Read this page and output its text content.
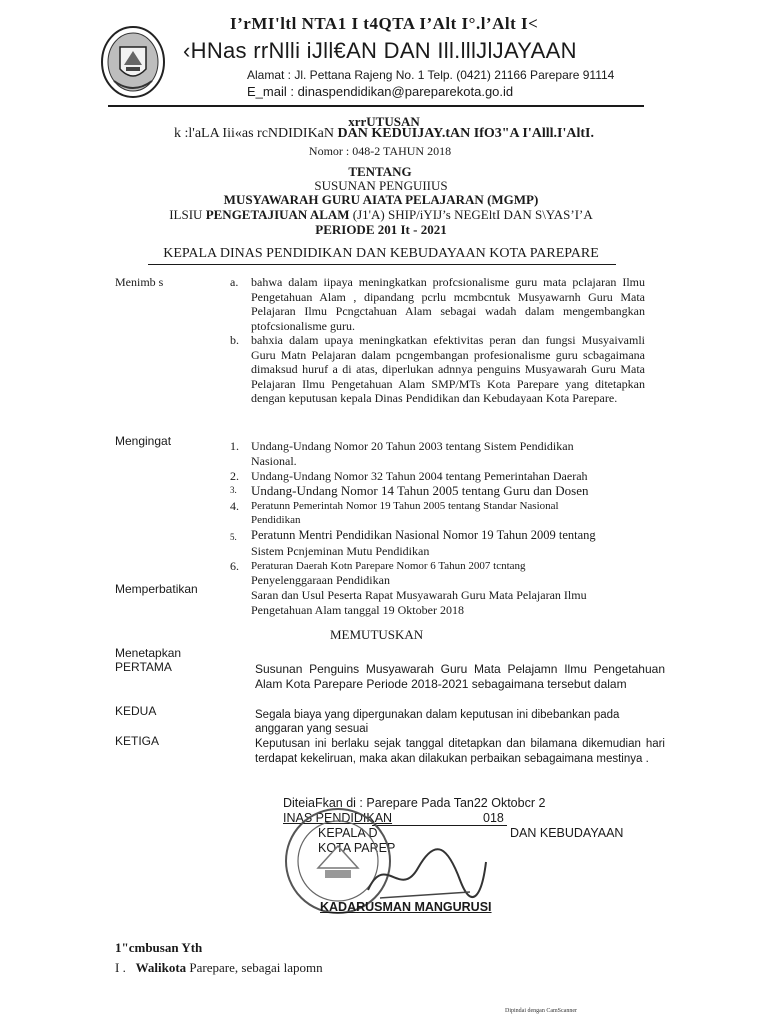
I’rMI'ltl NTA1 I t4QTA I’Alt I°.l’Alt I<
‹HNas rrNlli iJll€AN DAN Ill.lllJlJAYAAN
Alamat : Jl. Pettana Rajeng No. 1 Telp. (0421) 21166 Parepare 91114
E_mail : dinaspendidikan@pareparekota.go.id
xrrUTUSAN
k :l'aLA Iii«as rcNDIDIKaN DAN KEDUIJAY.tAN IfO3"A I'Alll.I'AltI.
Nomor : 048-2 TAHUN 2018
TENTANG
SUSUNAN PENGUIIUS
MUSYAWARAH GURU AIATA PELAJARAN (MGMP)
ILSIU PENGETAJIUAN ALAM (J1'A) SHIP/iYIJ’s NEGEltI DAN S\YAS’I’A
PERIODE 201 It - 2021
KEPALA DINAS PENDIDIKAN DAN KEBUDAYAAN KOTA PAREPARE
Menimb s	a. bahwa dalam iipaya meningkatkan profcsionalisme guru mata pclajaran Ilmu Pengetahuan Alam , dipandang pcrlu mcmbcntuk Musyawarnh Guru Mata Pelajaran Ilmu Pcngctahuan Alam sebagai wadah dalam mengembangkan ptofcsionalisme guru.
b. bahxia dalam upaya meningkatkan efektivitas peran dan fungsi Musyaivamli Guru Matn Pelajaran dalam pcngembangan profesionalisme guru scbagaimana dimaksud huruf a di atas, diperlukan adnnya penguins Musyawarah Guru Mata Pelajaran Ilmu Pengetahuan Alam SMP/MTs Kota Parepare yang ditetapkan dengan keputusan kepala Dinas Pendidikan dan Kebudayaan Kota Parepare.
Mengingat	1. Undang-Undang Nomor 20 Tahun 2003 tentang Sistem Pendidikan
Nasional.
2. Undang-Undang Nomor 32 Tahun 2004 tentang Pemerintahan Daerah
3. Undang-Undang Nomor 14 Tahun 2005 tentang Guru dan Dosen
4. Peratunn Pemerintah Nomor 19 Tahun 2005 tentang Standar Nasional
Pendidikan
5. Peratunn Mentri Pendidikan Nasional Nomor 19 Tahun 2009 tentang
Sistem Pcnjeminan Mutu Pendidikan
6. Peraturan Daerah Kotn Parepare Nomor 6 Tahun 2007 tcntang
Penyelenggaraan Pendidikan
Memperbatikan	Saran dan Usul Peserta Rapat Musyawarah Guru Mata Pelajaran Ilmu
Pengetahuan Alam tanggal 19 Oktober 2018
MEMUTUSKAN
Menetapkan
PERTAMA	Susunan Penguins Musyawarah Guru Mata Pelajamn Ilmu Pengetahuan Alam Kota Parepare Periode 2018-2021 sebagaimana tersebut dalam
KEDUA	Segala biaya yang dipergunakan dalam keputusan ini dibebankan pada anggaran yang sesuai
KETIGA	Keputusan ini berlaku sejak tanggal ditetapkan dan bilamana dikemudian hari terdapat kekeliruan, maka akan dilakukan perbaikan sebagaimana mestinya .
DiteiaFkan di : Parepare Pada Tan22 Oktobcr 2
INAS PENDIDIKAN	018
KEPALA D	DAN KEBUDAYAAN
KOTA PAREP
KADARUSMAN MANGURUSI
1"cmbusan Yth
I . Walikota Parepare, sebagai lapomn
Dipindai dengan CamScanner
